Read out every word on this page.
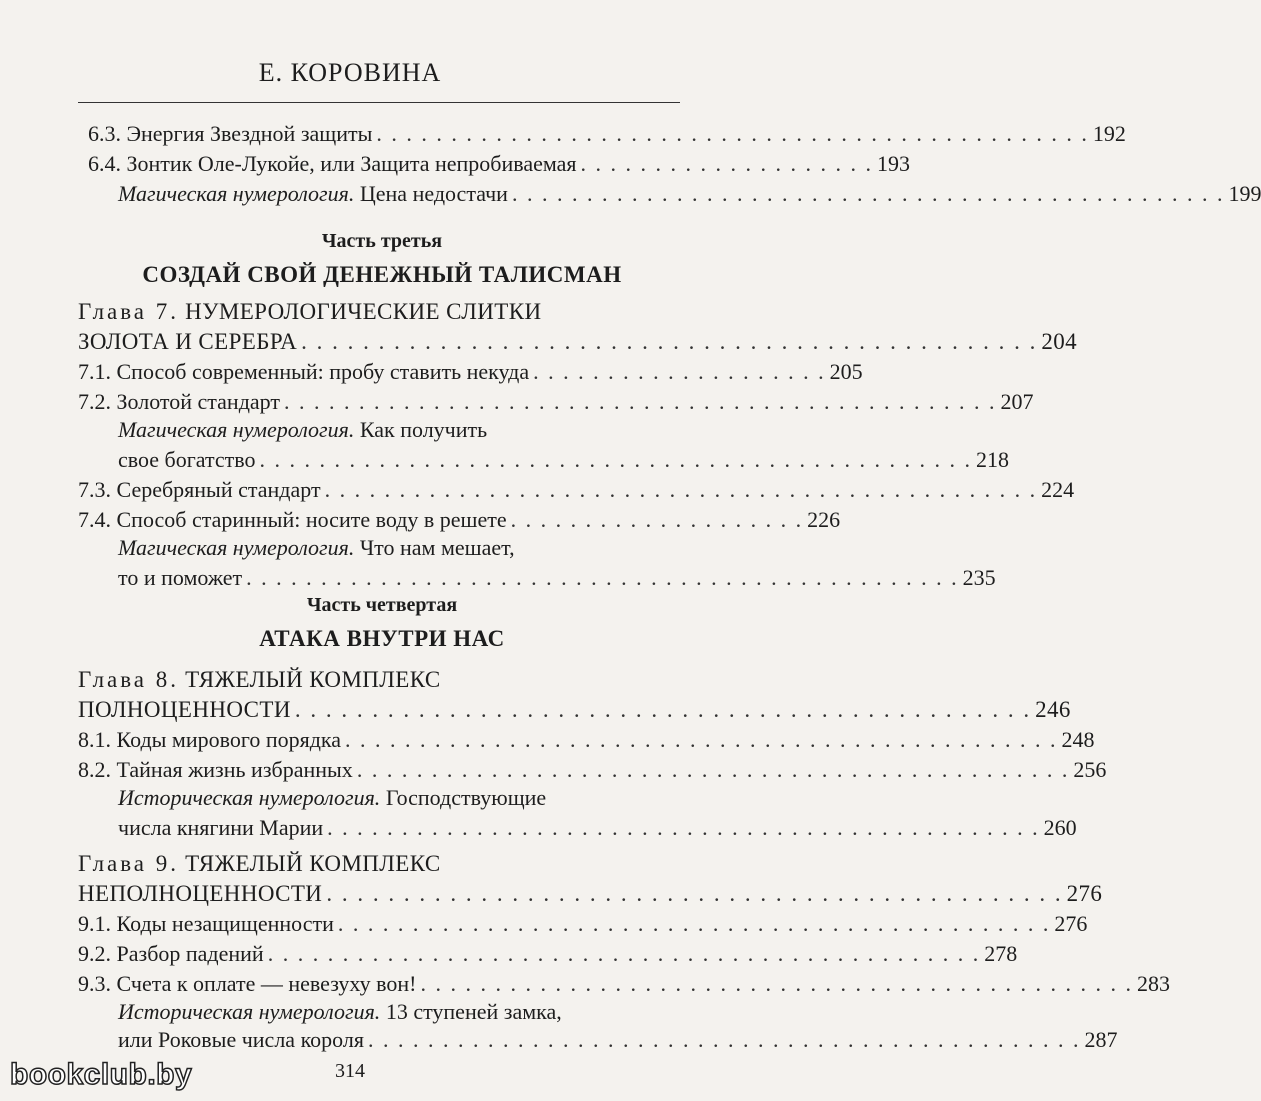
Е. КОРОВИНА
6.3. Энергия Звездной защиты . . . . . . . . . . . . . . . . . . . . . . . . . . . . . . . . . . . . . . . . . . . . . . . . 192
6.4. Зонтик Оле-Лукойе, или Защита непробиваемая . . . . . . . . . . . . . . . . . . . . 193
Магическая нумерология. Цена недостачи . . . . . . . . . . . . . . . . . . . . . . . . . . . . . . . . . . . . . . . . . . . . . . . . 199
Часть третья
СОЗДАЙ СВОЙ ДЕНЕЖНЫЙ ТАЛИСМАН
Глава 7. НУМЕРОЛОГИЧЕСКИЕ СЛИТКИ
ЗОЛОТА И СЕРЕБРА . . . . . . . . . . . . . . . . . . . . . . . . . . . . . . . . . . . . . . . . . . . . . . . . 204
7.1. Способ современный: пробу ставить некуда . . . . . . . . . . . . . . . . . . . . 205
7.2. Золотой стандарт . . . . . . . . . . . . . . . . . . . . . . . . . . . . . . . . . . . . . . . . . . . . . . . . 207
Магическая нумерология. Как получить
свое богатство . . . . . . . . . . . . . . . . . . . . . . . . . . . . . . . . . . . . . . . . . . . . . . . . 218
7.3. Серебряный стандарт . . . . . . . . . . . . . . . . . . . . . . . . . . . . . . . . . . . . . . . . . . . . . . . . 224
7.4. Способ старинный: носите воду в решете . . . . . . . . . . . . . . . . . . . . 226
Магическая нумерология. Что нам мешает,
то и поможет . . . . . . . . . . . . . . . . . . . . . . . . . . . . . . . . . . . . . . . . . . . . . . . . 235
Часть четвертая
АТАКА ВНУТРИ НАС
Глава 8. ТЯЖЕЛЫЙ КОМПЛЕКС
ПОЛНОЦЕННОСТИ . . . . . . . . . . . . . . . . . . . . . . . . . . . . . . . . . . . . . . . . . . . . . . . . 246
8.1. Коды мирового порядка . . . . . . . . . . . . . . . . . . . . . . . . . . . . . . . . . . . . . . . . . . . . . . . . 248
8.2. Тайная жизнь избранных . . . . . . . . . . . . . . . . . . . . . . . . . . . . . . . . . . . . . . . . . . . . . . . . 256
Историческая нумерология. Господствующие
числа княгини Марии . . . . . . . . . . . . . . . . . . . . . . . . . . . . . . . . . . . . . . . . . . . . . . . . 260
Глава 9. ТЯЖЕЛЫЙ КОМПЛЕКС
НЕПОЛНОЦЕННОСТИ . . . . . . . . . . . . . . . . . . . . . . . . . . . . . . . . . . . . . . . . . . . . . . . . 276
9.1. Коды незащищенности . . . . . . . . . . . . . . . . . . . . . . . . . . . . . . . . . . . . . . . . . . . . . . . . 276
9.2. Разбор падений . . . . . . . . . . . . . . . . . . . . . . . . . . . . . . . . . . . . . . . . . . . . . . . . 278
9.3. Счета к оплате — невезуху вон! . . . . . . . . . . . . . . . . . . . . . . . . . . . . . . . . . . . . . . . . . . . . . . . . 283
Историческая нумерология. 13 ступеней замка,
или Роковые числа короля . . . . . . . . . . . . . . . . . . . . . . . . . . . . . . . . . . . . . . . . . . . . . . . . 287
314
bookclub.by
